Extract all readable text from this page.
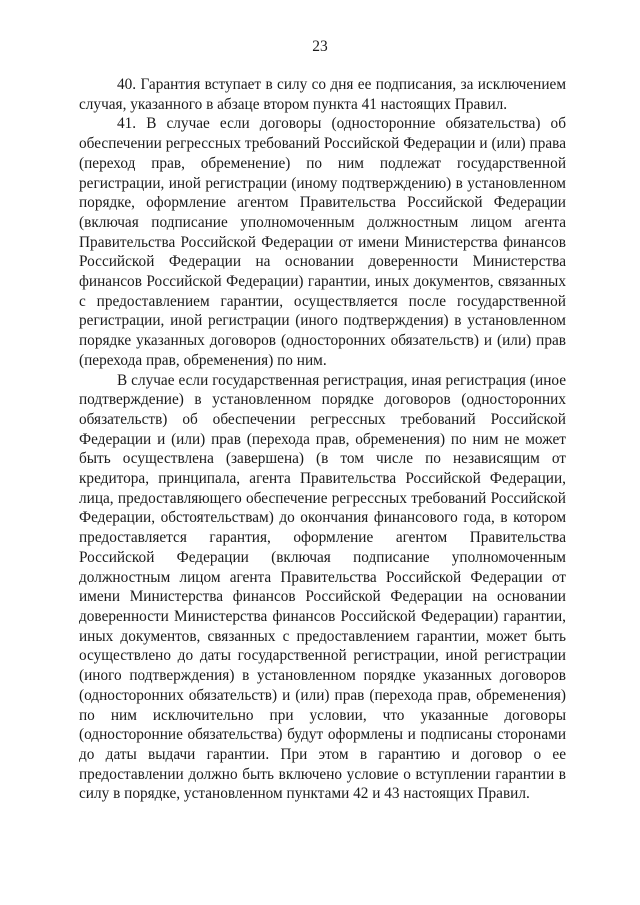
23

40. Гарантия вступает в силу со дня ее подписания, за исключением случая, указанного в абзаце втором пункта 41 настоящих Правил.

41. В случае если договоры (односторонние обязательства) об обеспечении регрессных требований Российской Федерации и (или) права (переход прав, обременение) по ним подлежат государственной регистрации, иной регистрации (иному подтверждению) в установленном порядке, оформление агентом Правительства Российской Федерации (включая подписание уполномоченным должностным лицом агента Правительства Российской Федерации от имени Министерства финансов Российской Федерации на основании доверенности Министерства финансов Российской Федерации) гарантии, иных документов, связанных с предоставлением гарантии, осуществляется после государственной регистрации, иной регистрации (иного подтверждения) в установленном порядке указанных договоров (односторонних обязательств) и (или) прав (перехода прав, обременения) по ним.

В случае если государственная регистрация, иная регистрация (иное подтверждение) в установленном порядке договоров (односторонних обязательств) об обеспечении регрессных требований Российской Федерации и (или) прав (перехода прав, обременения) по ним не может быть осуществлена (завершена) (в том числе по независящим от кредитора, принципала, агента Правительства Российской Федерации, лица, предоставляющего обеспечение регрессных требований Российской Федерации, обстоятельствам) до окончания финансового года, в котором предоставляется гарантия, оформление агентом Правительства Российской Федерации (включая подписание уполномоченным должностным лицом агента Правительства Российской Федерации от имени Министерства финансов Российской Федерации на основании доверенности Министерства финансов Российской Федерации) гарантии, иных документов, связанных с предоставлением гарантии, может быть осуществлено до даты государственной регистрации, иной регистрации (иного подтверждения) в установленном порядке указанных договоров (односторонних обязательств) и (или) прав (перехода прав, обременения) по ним исключительно при условии, что указанные договоры (односторонние обязательства) будут оформлены и подписаны сторонами до даты выдачи гарантии. При этом в гарантию и договор о ее предоставлении должно быть включено условие о вступлении гарантии в силу в порядке, установленном пунктами 42 и 43 настоящих Правил.
